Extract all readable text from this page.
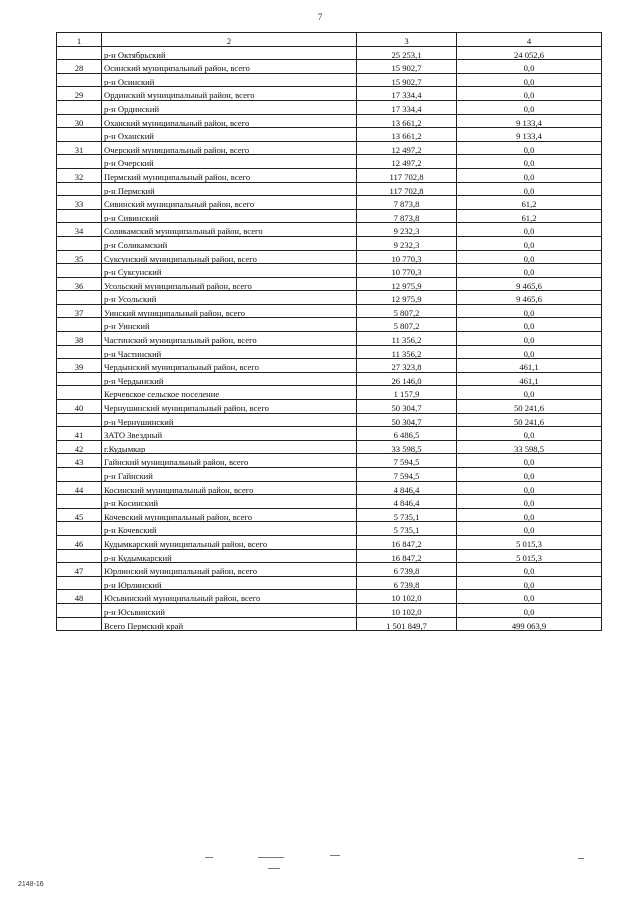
7
1	2	3	4
	р-н Октябрьский	25 253,1	24 052,6
28	Осинский муниципальный район, всего	15 902,7	0,0
	р-н Осинский	15 902,7	0,0
29	Ординский муниципальный район, всего	17 334,4	0,0
	р-н Ординский	17 334,4	0,0
30	Оханский муниципальный район, всего	13 661,2	9 133,4
	р-н Оханский	13 661,2	9 133,4
31	Очерский муниципальный район, всего	12 497,2	0,0
	р-н Очерский	12 497,2	0,0
32	Пермский муниципальный район, всего	117 702,8	0,0
	р-н Пермский	117 702,8	0,0
33	Сивинский муниципальный район, всего	7 873,8	61,2
	р-н Сивинский	7 873,8	61,2
34	Соликамский муниципальный район, всего	9 232,3	0,0
	р-н Соликамский	9 232,3	0,0
35	Суксунский муниципальный район, всего	10 770,3	0,0
	р-н Суксунский	10 770,3	0,0
36	Усольский муниципальный район, всего	12 975,9	9 465,6
	р-н Усольский	12 975,9	9 465,6
37	Уинский муниципальный район, всего	5 807,2	0,0
	р-н Уинский	5 807,2	0,0
38	Частинский муниципальный район, всего	11 356,2	0,0
	р-н Частинский	11 356,2	0,0
39	Чердынский муниципальный район, всего	27 323,8	461,1
	р-н Чердынский	26 146,0	461,1
	Керчевское сельское поселение	1 157,9	0,0
40	Чернушинский муниципальный район, всего	50 304,7	50 241,6
	р-н Чернушинский	50 304,7	50 241,6
41	ЗАТО Звездный	6 486,5	0,0
42	г.Кудымкар	33 598,5	33 598,5
43	Гайнский муниципальный район, всего	7 594,5	0,0
	р-н Гайнский	7 594,5	0,0
44	Косинский муниципальный район, всего	4 846,4	0,0
	р-н Косинский	4 846,4	0,0
45	Кочевский муниципальный район, всего	5 735,1	0,0
	р-н Кочевский	5 735,1	0,0
46	Кудымкарский муниципальный район, всего	16 847,2	5 015,3
	р-н Кудымкарский	16 847,2	5 015,3
47	Юрлинский муниципальный район, всего	6 739,8	0,0
	р-н Юрлинский	6 739,8	0,0
48	Юсьвинский муниципальный район, всего	10 102,0	0,0
	р-н Юсьвинский	10 102,0	0,0
	Всего Пермский край	1 501 849,7	499 063,9
2148-16
